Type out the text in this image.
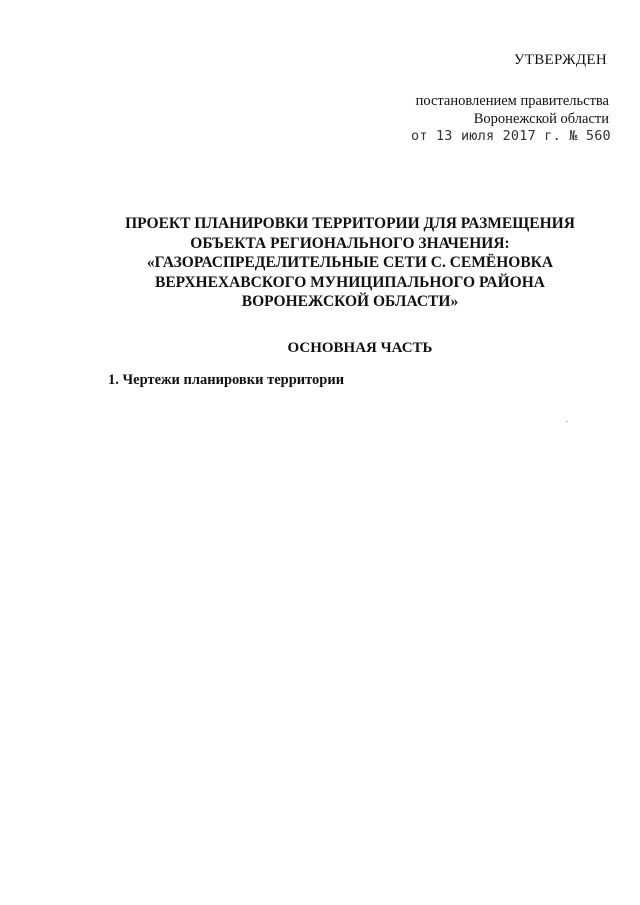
УТВЕРЖДЕН
постановлением правительства
Воронежской области
от 13 июля 2017 г. № 560
ПРОЕКТ ПЛАНИРОВКИ ТЕРРИТОРИИ ДЛЯ РАЗМЕЩЕНИЯ
ОБЪЕКТА РЕГИОНАЛЬНОГО ЗНАЧЕНИЯ:
«ГАЗОРАСПРЕДЕЛИТЕЛЬНЫЕ СЕТИ С. СЕМЁНОВКА
ВЕРХНЕХАВСКОГО МУНИЦИПАЛЬНОГО РАЙОНА
ВОРОНЕЖСКОЙ ОБЛАСТИ»
ОСНОВНАЯ ЧАСТЬ
1. Чертежи планировки территории
